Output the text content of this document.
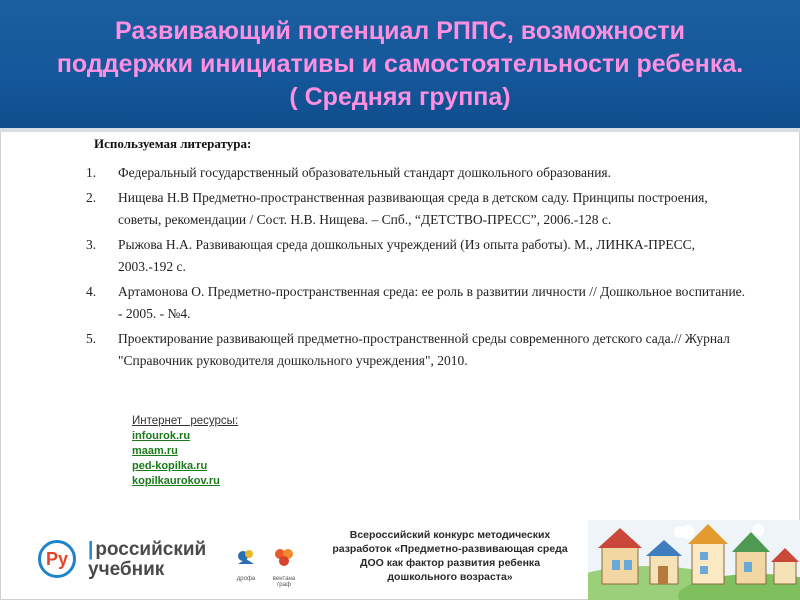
Развивающий потенциал РППС, возможности
поддержки инициативы и самостоятельности ребенка.
( Средняя группа)
Используемая литература:
1. Федеральный государственный образовательный стандарт дошкольного образования.
2. Нищева Н.В Предметно-пространственная развивающая среда в детском саду. Принципы построения, советы, рекомендации / Сост. Н.В. Нищева. – Спб., “ДЕТСТВО-ПРЕСС”, 2006.-128 с.
3. Рыжова Н.А. Развивающая среда дошкольных учреждений (Из опыта работы). М., ЛИНКА-ПРЕСС, 2003.-192 с.
4. Артамонова О. Предметно-пространственная среда: ее роль в развитии личности // Дошкольное воспитание. - 2005. - №4.
5. Проектирование развивающей предметно-пространственной среды современного детского сада.// Журнал "Справочник руководителя дошкольного учреждения", 2010.
Интернет ресурсы:
infourok.ru
maam.ru
ped-kopilka.ru
kopilkaurokov.ru
Ру | российский
учебник	дрофа	вентана граф
Всероссийский конкурс методических
разработок «Предметно-развивающая среда
ДОО как фактор развития ребенка
дошкольного возраста»
